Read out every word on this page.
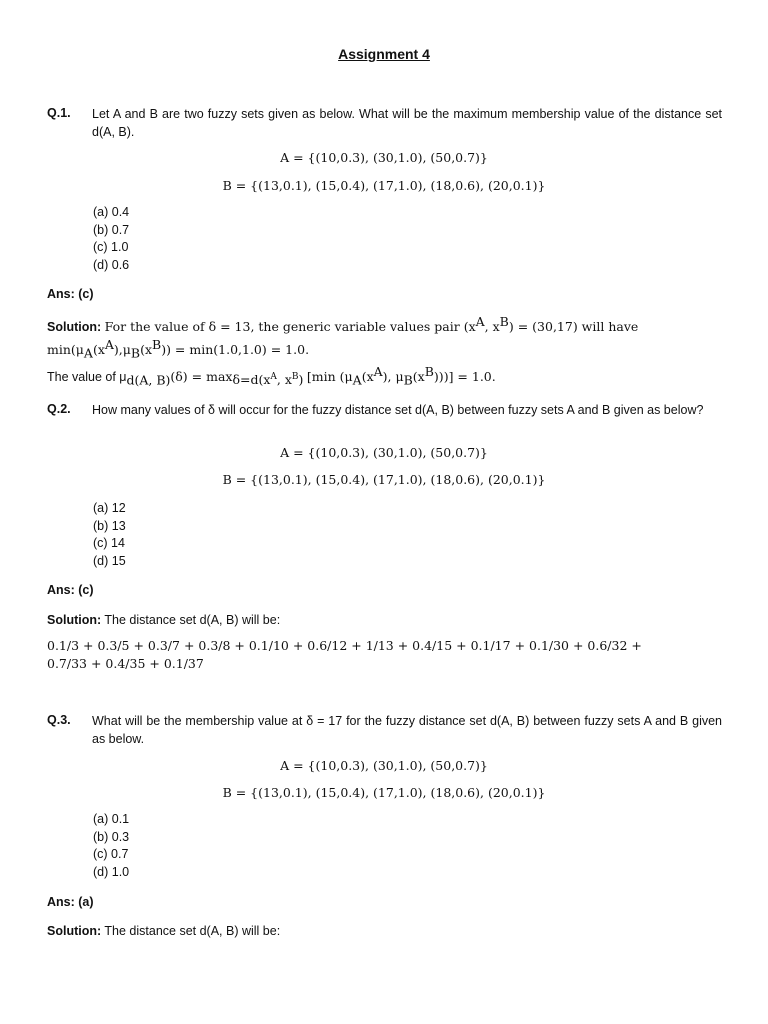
Assignment 4
Q.1. Let A and B are two fuzzy sets given as below. What will be the maximum membership value of the distance set d(A, B).
A = {(10,0.3), (30,1.0), (50,0.7)}
B = {(13,0.1), (15,0.4), (17,1.0), (18,0.6), (20,0.1)}
(a) 0.4
(b) 0.7
(c) 1.0
(d) 0.6
Ans: (c)
Solution: For the value of δ = 13, the generic variable values pair ($x^A$, $x^B) = (30,17)$ will have
$\min(\mu_A(x^A),\mu_B(x^B)) = \min(1.0,1.0) = 1.0$.
The value of $\mu_{d(A, B)}(\delta) = \max_{\delta=d(x^A, x^B)} [\min$ ($\mu_A(x^A)$, $\mu_B(x^B)))] = 1.0$.
Q.2. How many values of δ will occur for the fuzzy distance set d(A, B) between fuzzy sets A and B given as below?
A = {(10,0.3), (30,1.0), (50,0.7)}
B = {(13,0.1), (15,0.4), (17,1.0), (18,0.6), (20,0.1)}
(a) 12
(b) 13
(c) 14
(d) 15
Ans: (c)
Solution: The distance set d(A, B) will be:
0.1/3 + 0.3/5 + 0.3/7 + 0.3/8 + 0.1/10 + 0.6/12 + 1/13 + 0.4/15 + 0.1/17 + 0.1/30 + 0.6/32 +
0.7/33 + 0.4/35 + 0.1/37
Q.3. What will be the membership value at δ = 17 for the fuzzy distance set d(A, B) between fuzzy sets A and B given as below.
A = {(10,0.3), (30,1.0), (50,0.7)}
B = {(13,0.1), (15,0.4), (17,1.0), (18,0.6), (20,0.1)}
(a) 0.1
(b) 0.3
(c) 0.7
(d) 1.0
Ans: (a)
Solution: The distance set d(A, B) will be:
